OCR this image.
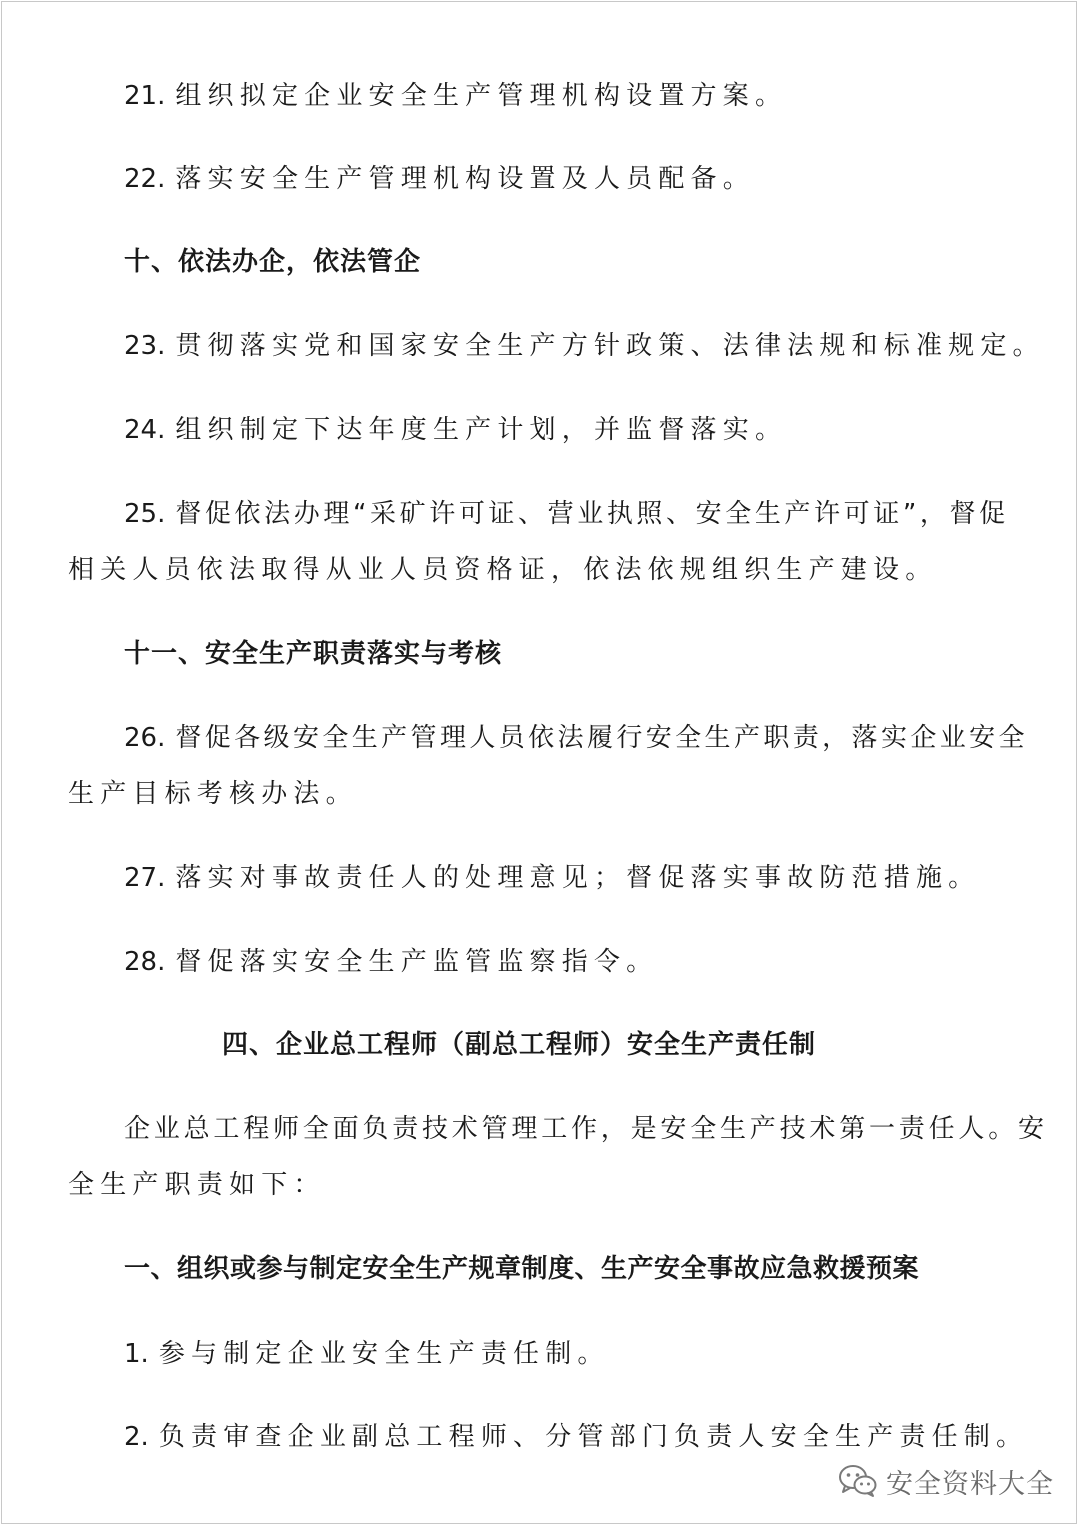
21. 组织拟定企业安全生产管理机构设置方案。
22. 落实安全生产管理机构设置及人员配备。
十、依法办企，依法管企
23. 贯彻落实党和国家安全生产方针政策、法律法规和标准规定。
24. 组织制定下达年度生产计划，并监督落实。
25. 督促依法办理“采矿许可证、营业执照、安全生产许可证”，督促
相关人员依法取得从业人员资格证，依法依规组织生产建设。
十一、安全生产职责落实与考核
26. 督促各级安全生产管理人员依法履行安全生产职责，落实企业安全
生产目标考核办法。
27. 落实对事故责任人的处理意见；督促落实事故防范措施。
28. 督促落实安全生产监管监察指令。
四、企业总工程师（副总工程师）安全生产责任制
企业总工程师全面负责技术管理工作，是安全生产技术第一责任人。安
全生产职责如下：
一、组织或参与制定安全生产规章制度、生产安全事故应急救援预案
1. 参与制定企业安全生产责任制。
2. 负责审查企业副总工程师、分管部门负责人安全生产责任制。
安全资料大全
